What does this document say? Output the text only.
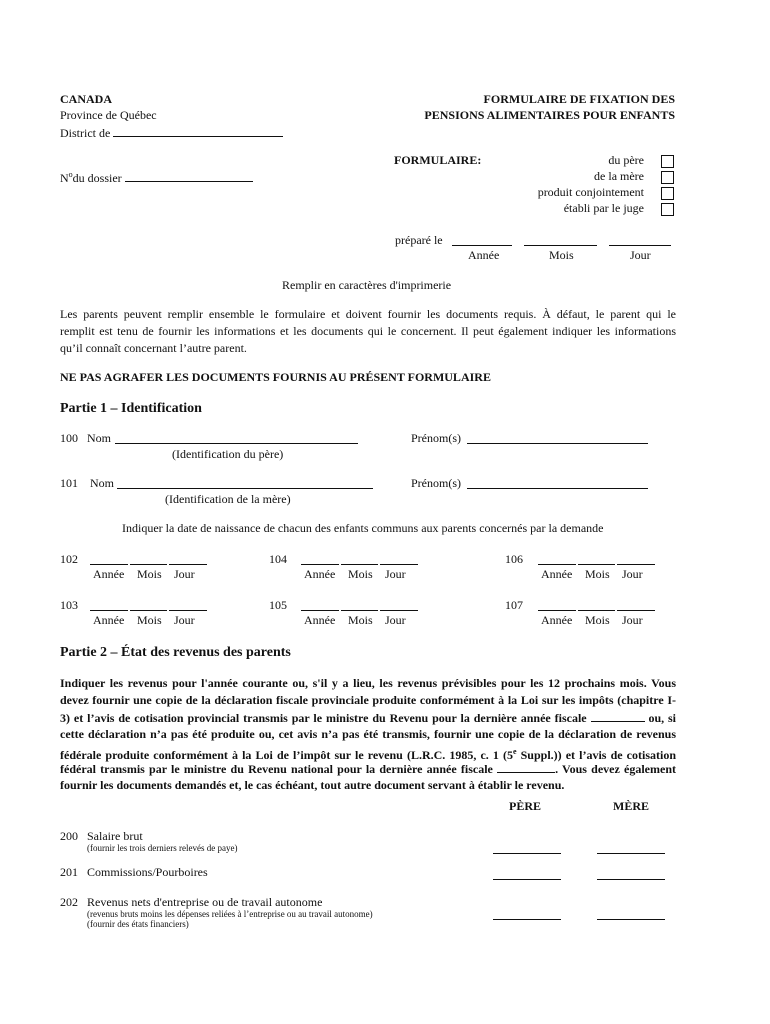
CANADA
Province de Québec
District de
FORMULAIRE DE FIXATION DES
PENSIONS ALIMENTAIRES POUR ENFANTS
$N^odu$ dossier
FORMULAIRE:	du père
de la mère
produit conjointement
établi par le juge
préparé le
Année	Mois	Jour
Remplir en caractères d'imprimerie
Les parents peuvent remplir ensemble le formulaire et doivent fournir les documents requis. À défaut, le parent qui le
remplit est tenu de fournir les informations et les documents qui le concernent. Il peut également indiquer les informations
qu’il connaît concernant l’autre parent.
NE PAS AGRAFER LES DOCUMENTS FOURNIS AU PRÉSENT FORMULAIRE
Partie 1 – Identification
100 Nom	Prénom(s)
(Identification du père)
101 Nom	Prénom(s)
(Identification de la mère)
Indiquer la date de naissance de chacun des enfants communs aux parents concernés par la demande
102
Année Mois Jour
104
Année Mois Jour
106
Année Mois Jour
103
Année Mois Jour
105
Année Mois Jour
107
Année Mois Jour
Partie 2 – État des revenus des parents
Indiquer les revenus pour l'année courante ou, s'il y a lieu, les revenus prévisibles pour les 12 prochains mois. Vous
devez fournir une copie de la déclaration fiscale provinciale produite conformément à la Loi sur les impôts (chapitre I-
3) et l’avis de cotisation provincial transmis par le ministre du Revenu pour la dernière année fiscale	ou, si
cette déclaration n’a pas été produite ou, cet avis n’a pas été transmis, fournir une copie de la déclaration de revenus
fédérale produite conformément à la Loi de l’impôt sur le revenu (L.R.C. 1985, c. 1 (5e Suppl.)) et l’avis de cotisation
fédéral transmis par le ministre du Revenu national pour la dernière année fiscale	. Vous devez également
fournir les documents demandés et, le cas échéant, tout autre document servant à établir le revenu.
PÈRE	MÈRE
200 Salaire brut
(fournir les trois derniers relevés de paye)
201 Commissions/Pourboires
202 Revenus nets d'entreprise ou de travail autonome
(revenus bruts moins les dépenses reliées à l’entreprise ou au travail autonome)
(fournir des états financiers)
